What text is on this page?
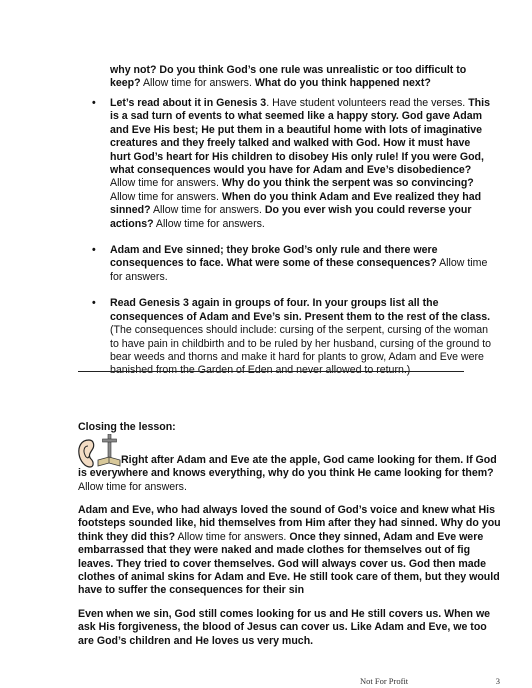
why not? Do you think God’s one rule was unrealistic or too difficult to keep? Allow time for answers. What do you think happened next?
• Let’s read about it in Genesis 3. Have student volunteers read the verses. This is a sad turn of events to what seemed like a happy story. God gave Adam and Eve His best; He put them in a beautiful home with lots of imaginative creatures and they freely talked and walked with God. How it must have hurt God’s heart for His children to disobey His only rule! If you were God, what consequences would you have for Adam and Eve’s disobedience? Allow time for answers. Why do you think the serpent was so convincing? Allow time for answers. When do you think Adam and Eve realized they had sinned? Allow time for answers. Do you ever wish you could reverse your actions? Allow time for answers.
• Adam and Eve sinned; they broke God’s only rule and there were consequences to face. What were some of these consequences? Allow time for answers.
• Read Genesis 3 again in groups of four. In your groups list all the consequences of Adam and Eve’s sin. Present them to the rest of the class. (The consequences should include: cursing of the serpent, cursing of the woman to have pain in childbirth and to be ruled by her husband, cursing of the ground to bear weeds and thorns and make it hard for plants to grow, Adam and Eve were banished from the Garden of Eden and never allowed to return.)
Closing the lesson:
Right after Adam and Eve ate the apple, God came looking for them. If God is everywhere and knows everything, why do you think He came looking for them? Allow time for answers.
Adam and Eve, who had always loved the sound of God’s voice and knew what His footsteps sounded like, hid themselves from Him after they had sinned. Why do you think they did this? Allow time for answers. Once they sinned, Adam and Eve were embarrassed that they were naked and made clothes for themselves out of fig leaves. They tried to cover themselves. God will always cover us. God then made clothes of animal skins for Adam and Eve. He still took care of them, but they would have to suffer the consequences for their sin
Even when we sin, God still comes looking for us and He still covers us. When we ask His forgiveness, the blood of Jesus can cover us. Like Adam and Eve, we too are God’s children and He loves us very much.
Not For Profit	3
